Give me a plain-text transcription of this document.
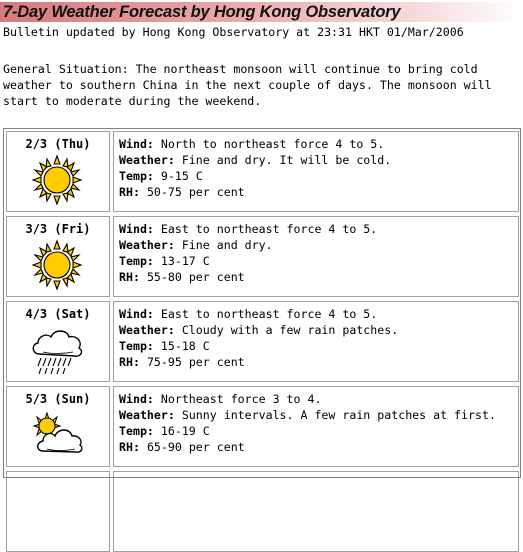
7-Day Weather Forecast by Hong Kong Observatory
Bulletin updated by Hong Kong Observatory at 23:31 HKT 01/Mar/2006
General Situation: The northeast monsoon will continue to bring cold
weather to southern China in the next couple of days. The monsoon will
start to moderate during the weekend.
2/3 (Thu)	Wind: North to northeast force 4 to 5.
Weather: Fine and dry. It will be cold.
Temp: 9-15 C
RH: 50-75 per cent
3/3 (Fri)	Wind: East to northeast force 4 to 5.
Weather: Fine and dry.
Temp: 13-17 C
RH: 55-80 per cent
4/3 (Sat)	Wind: East to northeast force 4 to 5.
Weather: Cloudy with a few rain patches.
Temp: 15-18 C
RH: 75-95 per cent
5/3 (Sun)	Wind: Northeast force 3 to 4.
Weather: Sunny intervals. A few rain patches at first.
Temp: 16-19 C
RH: 65-90 per cent
